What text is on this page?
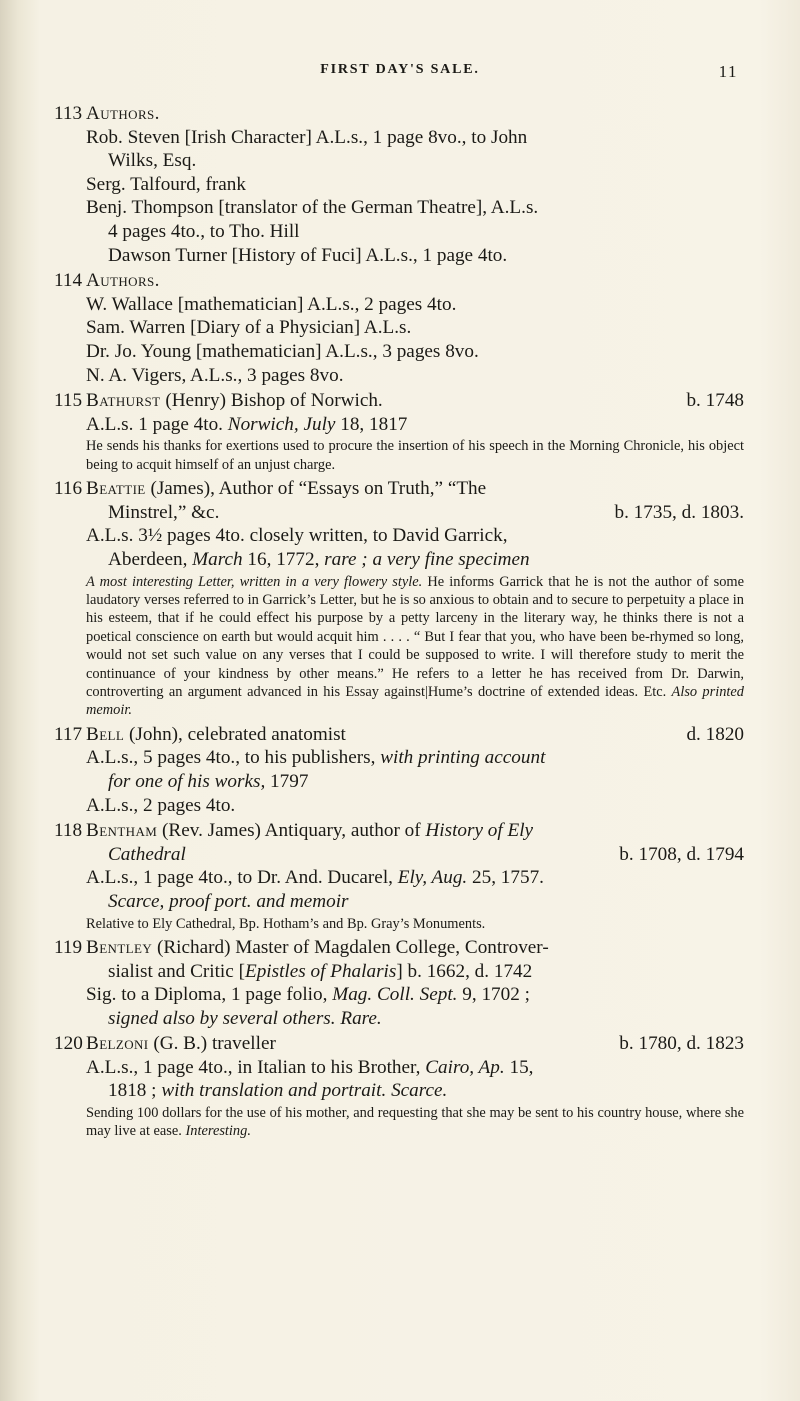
FIRST DAY'S SALE.	11
113 Authors.
Rob. Steven [Irish Character] A.L.s., 1 page 8vo., to John
Wilks, Esq.
Serg. Talfourd, frank
Benj. Thompson [translator of the German Theatre], A.L.s.
4 pages 4to., to Tho. Hill
Dawson Turner [History of Fuci] A.L.s., 1 page 4to.
114 Authors.
W. Wallace [mathematician] A.L.s., 2 pages 4to.
Sam. Warren [Diary of a Physician] A.L.s.
Dr. Jo. Young [mathematician] A.L.s., 3 pages 8vo.
N. A. Vigers, A.L.s., 3 pages 8vo.
115 Bathurst (Henry) Bishop of Norwich.	b. 1748
A.L.s. 1 page 4to. Norwich, July 18, 1817
He sends his thanks for exertions used to procure the insertion of his speech in the Morning Chronicle, his object being to acquit himself of an unjust charge.
116 Beattie (James), Author of “Essays on Truth,” “The
Minstrel,” &c.	b. 1735, d. 1803.
A.L.s. 3½ pages 4to. closely written, to David Garrick,
Aberdeen, March 16, 1772, rare ; a very fine specimen
A most interesting Letter, written in a very flowery style. He informs Garrick that he is not the author of some laudatory verses referred to in Garrick’s Letter, but he is so anxious to obtain and to secure to perpetuity a place in his esteem, that if he could effect his purpose by a petty larceny in the literary way, he thinks there is not a poetical conscience on earth but would acquit him . . . . “ But I fear that you, who have been be-rhymed so long, would not set such value on any verses that I could be supposed to write. I will therefore study to merit the continuance of your kindness by other means.” He refers to a letter he has received from Dr. Darwin, controverting an argument advanced in his Essay against|Hume’s doctrine of extended ideas. Etc. Also printed memoir.
117 Bell (John), celebrated anatomist	d. 1820
A.L.s., 5 pages 4to., to his publishers, with printing account
for one of his works, 1797
A.L.s., 2 pages 4to.
118 Bentham (Rev. James) Antiquary, author of History of Ely
Cathedral	b. 1708, d. 1794
A.L.s., 1 page 4to., to Dr. And. Ducarel, Ely, Aug. 25, 1757.
Scarce, proof port. and memoir
Relative to Ely Cathedral, Bp. Hotham’s and Bp. Gray’s Monuments.
119 Bentley (Richard) Master of Magdalen College, Controver-
sialist and Critic [Epistles of Phalaris] b. 1662, d. 1742
Sig. to a Diploma, 1 page folio, Mag. Coll. Sept. 9, 1702 ;
signed also by several others. Rare.
120 Belzoni (G. B.) traveller	b. 1780, d. 1823
A.L.s., 1 page 4to., in Italian to his Brother, Cairo, Ap. 15,
1818 ; with translation and portrait. Scarce.
Sending 100 dollars for the use of his mother, and requesting that she may be sent to his country house, where she may live at ease. Interesting.
